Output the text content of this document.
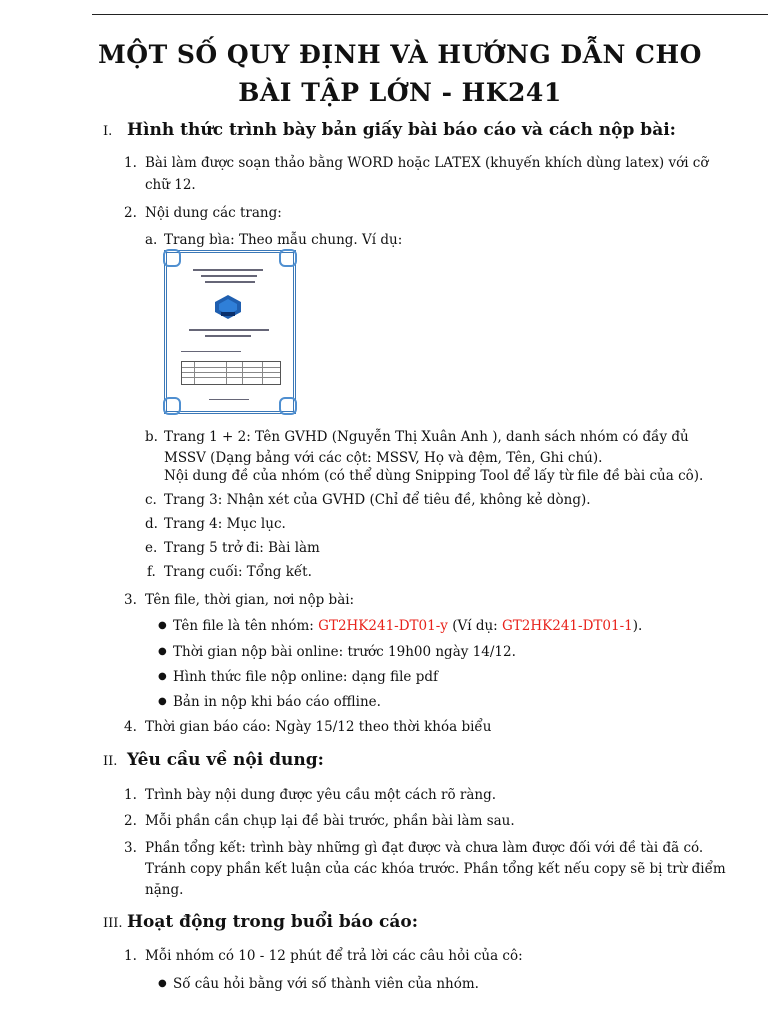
MỘT SỐ QUY ĐỊNH VÀ HƯỚNG DẪN CHO
BÀI TẬP LỚN - HK241
I. Hình thức trình bày bản giấy bài báo cáo và cách nộp bài:
1. Bài làm được soạn thảo bằng WORD hoặc LATEX (khuyến khích dùng latex) với cỡ
chữ 12.
2. Nội dung các trang:
a. Trang bìa: Theo mẫu chung. Ví dụ:
b. Trang 1 + 2: Tên GVHD (Nguyễn Thị Xuân Anh ), danh sách nhóm có đầy đủ
MSSV (Dạng bảng với các cột: MSSV, Họ và đệm, Tên, Ghi chú).
Nội dung đề của nhóm (có thể dùng Snipping Tool để lấy từ file đề bài của cô).
c. Trang 3: Nhận xét của GVHD (Chỉ để tiêu đề, không kẻ dòng).
d. Trang 4: Mục lục.
e. Trang 5 trở đi: Bài làm
f. Trang cuối: Tổng kết.
3. Tên file, thời gian, nơi nộp bài:
● Tên file là tên nhóm: GT2HK241-DT01-y (Ví dụ: GT2HK241-DT01-1).
● Thời gian nộp bài online: trước 19h00 ngày 14/12.
● Hình thức file nộp online: dạng file pdf
● Bản in nộp khi báo cáo offline.
4. Thời gian báo cáo: Ngày 15/12 theo thời khóa biểu
II. Yêu cầu về nội dung:
1. Trình bày nội dung được yêu cầu một cách rõ ràng.
2. Mỗi phần cần chụp lại đề bài trước, phần bài làm sau.
3. Phần tổng kết: trình bày những gì đạt được và chưa làm được đối với đề tài đã có.
Tránh copy phần kết luận của các khóa trước. Phần tổng kết nếu copy sẽ bị trừ điểm
nặng.
III. Hoạt động trong buổi báo cáo:
1. Mỗi nhóm có 10 - 12 phút để trả lời các câu hỏi của cô:
● Số câu hỏi bằng với số thành viên của nhóm.
